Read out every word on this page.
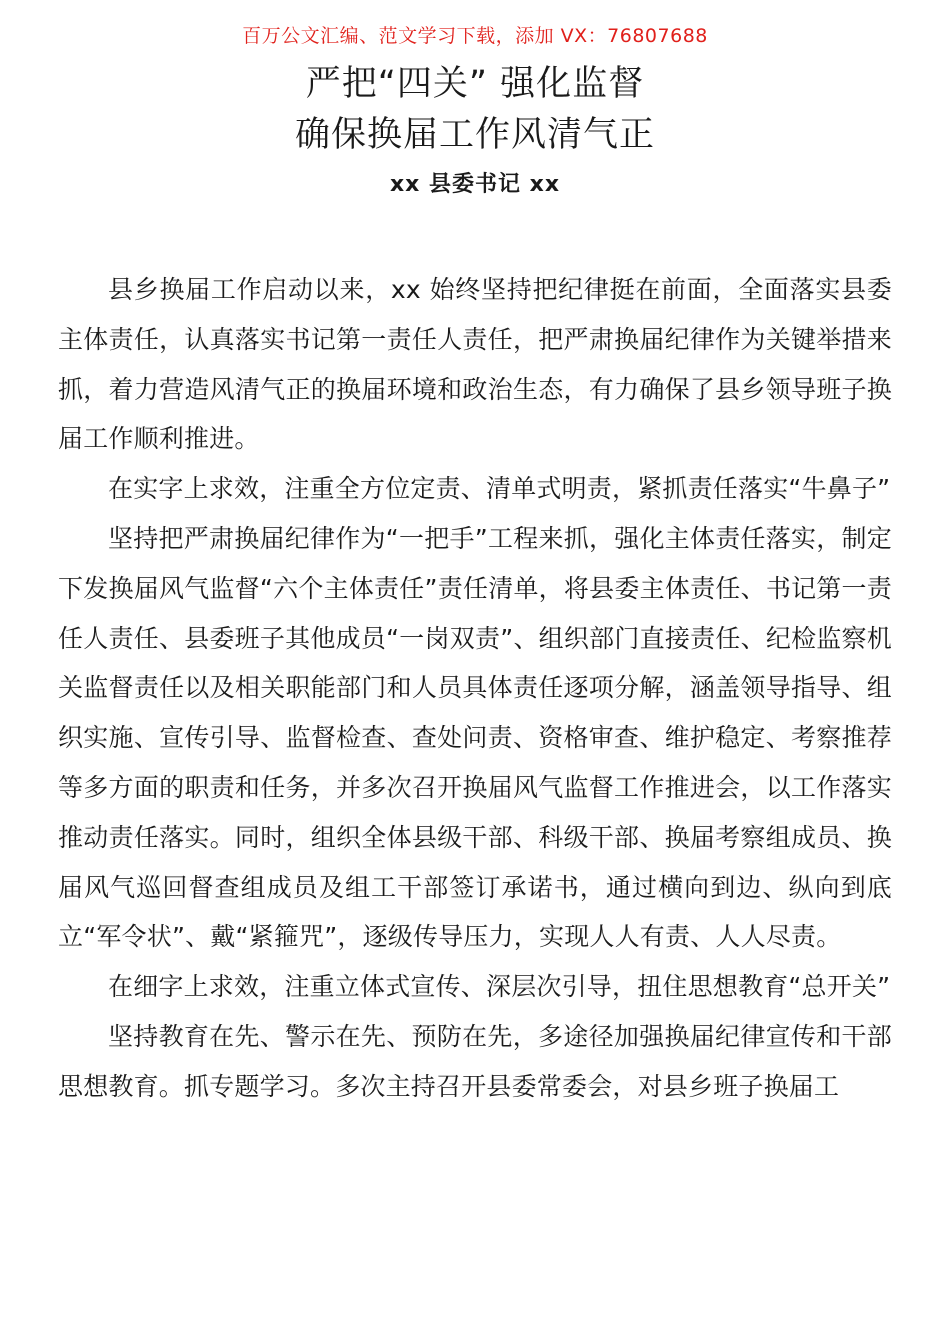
百万公文汇编、范文学习下载，添加 VX：76807688
严把“四关” 强化监督
确保换届工作风清气正
xx 县委书记 xx

县乡换届工作启动以来，xx 始终坚持把纪律挺在前面，全面落实县委主体责任，认真落实书记第一责任人责任，把严肃换届纪律作为关键举措来抓，着力营造风清气正的换届环境和政治生态，有力确保了县乡领导班子换届工作顺利推进。

在实字上求效，注重全方位定责、清单式明责，紧抓责任落实“牛鼻子”

坚持把严肃换届纪律作为“一把手”工程来抓，强化主体责任落实，制定下发换届风气监督“六个主体责任”责任清单，将县委主体责任、书记第一责任人责任、县委班子其他成员“一岗双责”、组织部门直接责任、纪检监察机关监督责任以及相关职能部门和人员具体责任逐项分解，涵盖领导指导、组织实施、宣传引导、监督检查、查处问责、资格审查、维护稳定、考察推荐等多方面的职责和任务，并多次召开换届风气监督工作推进会，以工作落实推动责任落实。同时，组织全体县级干部、科级干部、换届考察组成员、换届风气巡回督查组成员及组工干部签订承诺书，通过横向到边、纵向到底立“军令状”、戴“紧箍咒”，逐级传导压力，实现人人有责、人人尽责。

在细字上求效，注重立体式宣传、深层次引导，扭住思想教育“总开关”

坚持教育在先、警示在先、预防在先，多途径加强换届纪律宣传和干部思想教育。抓专题学习。多次主持召开县委常委会，对县乡班子换届工
